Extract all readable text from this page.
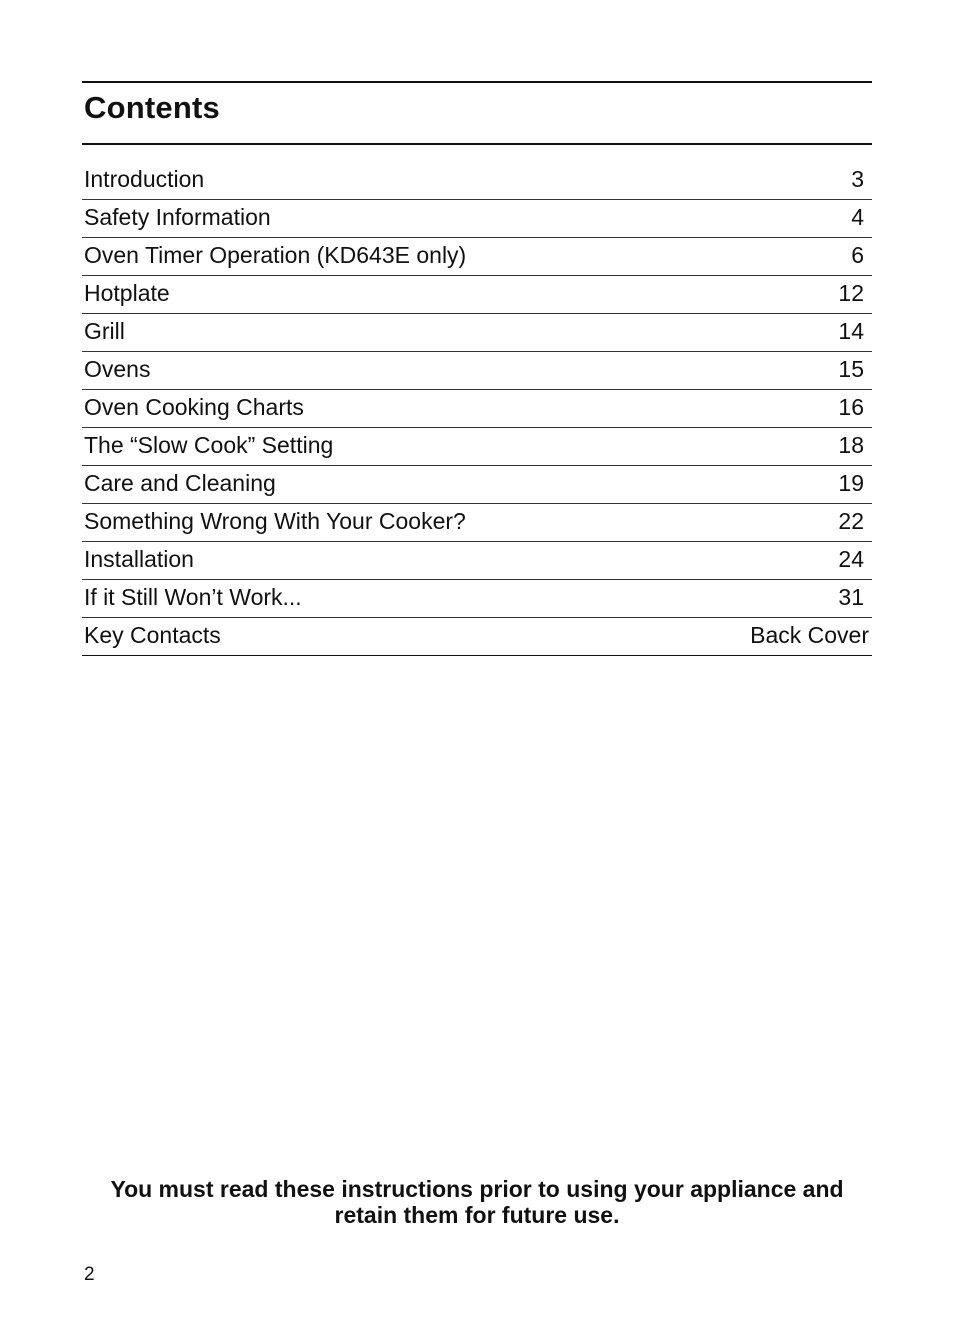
Contents
Introduction	3
Safety Information	4
Oven Timer Operation (KD643E only)	6
Hotplate	12
Grill	14
Ovens	15
Oven Cooking Charts	16
The “Slow Cook” Setting	18
Care and Cleaning	19
Something Wrong With Your Cooker?	22
Installation	24
If it Still Won’t Work...	31
Key Contacts	Back Cover
You must read these instructions prior to using your appliance and
retain them for future use.
2
